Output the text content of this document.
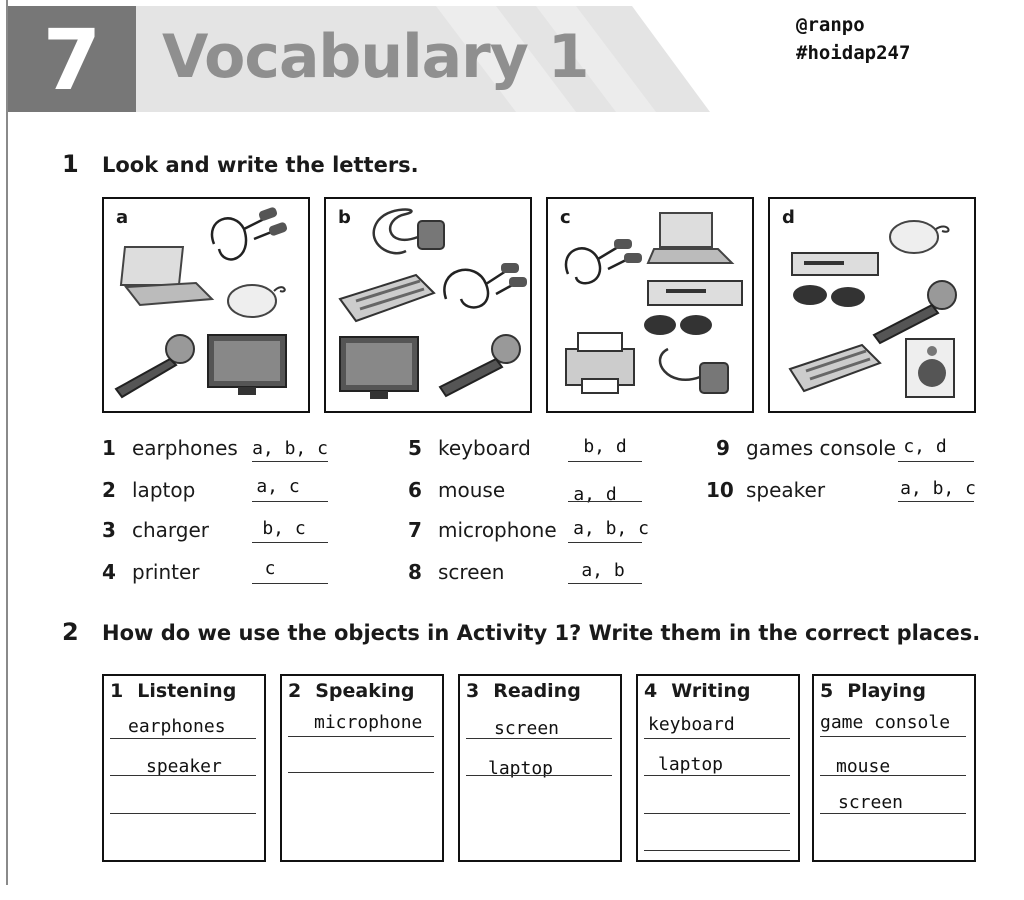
7	Vocabulary 1	@ranpo
#hoidap247
1 Look and write the letters.
a	b	c	d
1 earphones a, b, c
2 laptop	a, c
3 charger	b, c
4 printer	c
5 keyboard	b, d
6 mouse	a, d
7 microphone a, b, c
8 screen	a, b
9 games console c, d
10 speaker	a, b, c
2 How do we use the objects in Activity 1? Write them in the correct places.
1 Listening
earphones
speaker
2 Speaking
microphone
3 Reading
screen
laptop
4 Writing
keyboard
laptop
5 Playing
game console
mouse
screen
